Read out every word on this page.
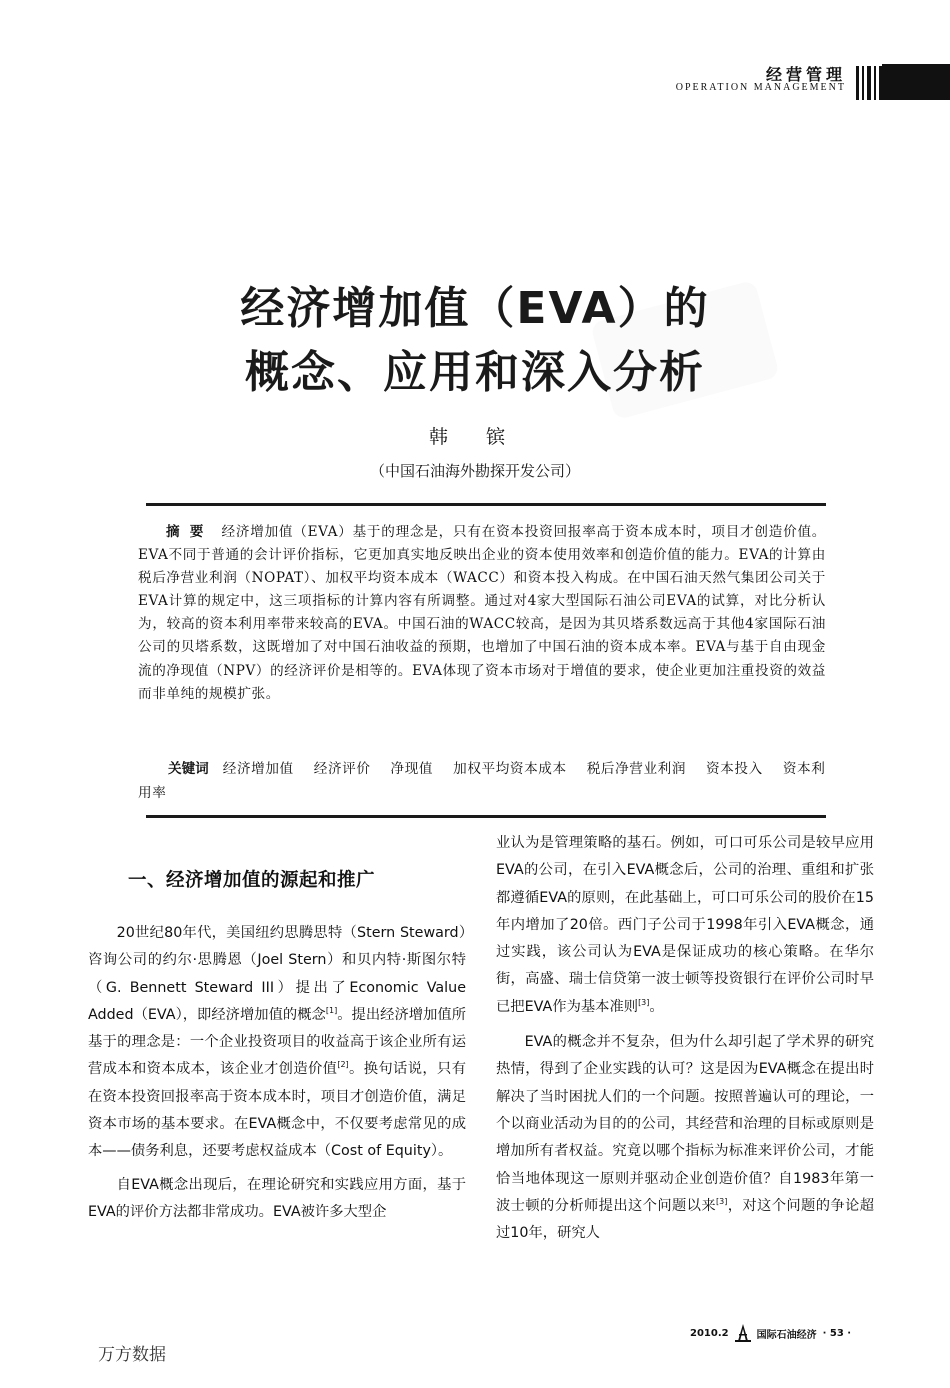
经营管理
OPERATION MANAGEMENT
经济增加值（EVA）的
概念、应用和深入分析
韩 镔
（中国石油海外勘探开发公司）
摘要 经济增加值（EVA）基于的理念是，只有在资本投资回报率高于资本成本时，项目才创造价值。EVA不同于普通的会计评价指标，它更加真实地反映出企业的资本使用效率和创造价值的能力。EVA的计算由税后净营业利润（NOPAT）、加权平均资本成本（WACC）和资本投入构成。在中国石油天然气集团公司关于EVA计算的规定中，这三项指标的计算内容有所调整。通过对4家大型国际石油公司EVA的试算，对比分析认为，较高的资本利用率带来较高的EVA。中国石油的WACC较高，是因为其贝塔系数远高于其他4家国际石油公司的贝塔系数，这既增加了对中国石油收益的预期，也增加了中国石油的资本成本率。EVA与基于自由现金流的净现值（NPV）的经济评价是相等的。EVA体现了资本市场对于增值的要求，使企业更加注重投资的效益而非单纯的规模扩张。
关键词 经济增加值 经济评价 净现值 加权平均资本成本 税后净营业利润 资本投入 资本利用率
一、经济增加值的源起和推广

20世纪80年代，美国纽约思腾思特（Stern Steward）咨询公司的约尔·思腾恩（Joel Stern）和贝内特·斯图尔特（G. Bennett Steward III）提出了Economic Value Added（EVA），即经济增加值的概念[1]。提出经济增加值所基于的理念是：一个企业投资项目的收益高于该企业所有运营成本和资本成本，该企业才创造价值[2]。换句话说，只有在资本投资回报率高于资本成本时，项目才创造价值，满足资本市场的基本要求。在EVA概念中，不仅要考虑常见的成本——债务利息，还要考虑权益成本（Cost of Equity）。

自EVA概念出现后，在理论研究和实践应用方面，基于EVA的评价方法都非常成功。EVA被许多大型企

业认为是管理策略的基石。例如，可口可乐公司是较早应用EVA的公司，在引入EVA概念后，公司的治理、重组和扩张都遵循EVA的原则，在此基础上，可口可乐公司的股价在15年内增加了20倍。西门子公司于1998年引入EVA概念，通过实践，该公司认为EVA是保证成功的核心策略。在华尔街，高盛、瑞士信贷第一波士顿等投资银行在评价公司时早已把EVA作为基本准则[3]。

EVA的概念并不复杂，但为什么却引起了学术界的研究热情，得到了企业实践的认可？这是因为EVA概念在提出时解决了当时困扰人们的一个问题。按照普遍认可的理论，一个以商业活动为目的的公司，其经营和治理的目标或原则是增加所有者权益。究竟以哪个指标为标准来评价公司，才能恰当地体现这一原则并驱动企业创造价值？自1983年第一波士顿的分析师提出这个问题以来[3]，对这个问题的争论超过10年，研究人

2010.2	国际石油经济 · 53 ·
万方数据
